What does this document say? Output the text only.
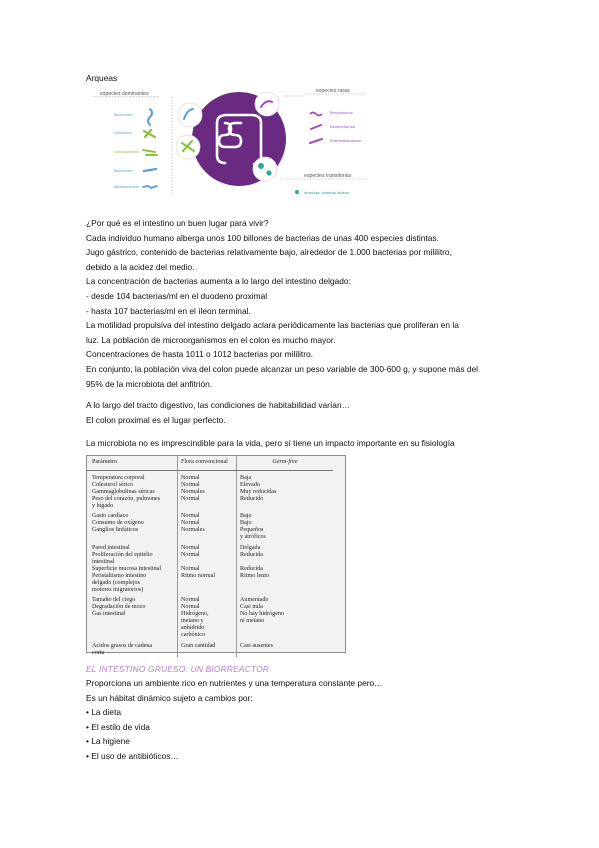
Arqueas
especies dominantes
Bacteroides
Clostridium
Actinobacterias
Bacteroides
Bifidobacterium
especies raras
Streptococcus
Escherichia coli
Enterobacteriaceae
especies transitorias
levaduras, bacterias lácticas
¿Por qué es el intestino un buen lugar para vivir?
Cada individuo humano alberga unos 100 billones de bacterias de unas 400 especies distintas.
Jugo gástrico, contenido de bacterias relativamente bajo, alrededor de 1.000 bacterias por mililitro,
debido a la acidez del medio.
La concentración de bacterias aumenta a lo largo del intestino delgado:
- desde 104 bacterias/ml en el duodeno proximal
- hasta 107 bacterias/ml en el íleon terminal.
La motilidad propulsiva del intestino delgado aclara periódicamente las bacterias que proliferan en la
luz. La población de microorganismos en el colon es mucho mayor.
Concentraciones de hasta 1011 o 1012 bacterias por mililitro.
En conjunto, la población viva del colon puede alcanzar un peso variable de 300-600 g, y supone más del
95% de la microbiota del anfitrión.
A lo largo del tracto digestivo, las condiciones de habitabilidad varían…
El colon proximal es el lugar perfecto.
La microbiota no es imprescindible para la vida, pero sí tiene un impacto importante en su fisiología
Parámetro	Flora convencional	Germ-free
Temperatura corporal	Normal	Baja
Colesterol sérico	Normal	Elevado
Gammaglobulinas séricas	Normales	Muy reducidas
Peso del corazón, pulmones
y hígado	Normal	Reducido
Gasto cardíaco	Normal	Bajo
Consumo de oxígeno	Normal	Bajo
Ganglios linfáticos	Normales	Pequeños
y atróficos
Pared intestinal	Normal	Delgada
Proliferación del epitelio
intestinal	Normal	Reducida
Superficie mucosa intestinal	Normal	Reducida
Peristaltismo intestino
delgado (complejos
motores migratorios)	Ritmo normal	Ritmo lento
Tamaño del ciego	Normal	Aumentado
Degradación de moco	Normal	Casi nula
Gas intestinal	Hidrógeno,
metano y
anhídrido
carbónico	No hay hidrógeno
ni metano
Ácidos grasos de cadena
corta	Gran cantidad	Casi ausentes
EL INTESTINO GRUESO: UN BIORREACTOR
Proporciona un ambiente rico en nutrientes y una temperatura constante pero…
Es un hábitat dinámico sujeto a cambios por:
• La dieta
• El estilo de vida
• La higiene
• El uso de antibióticos…
